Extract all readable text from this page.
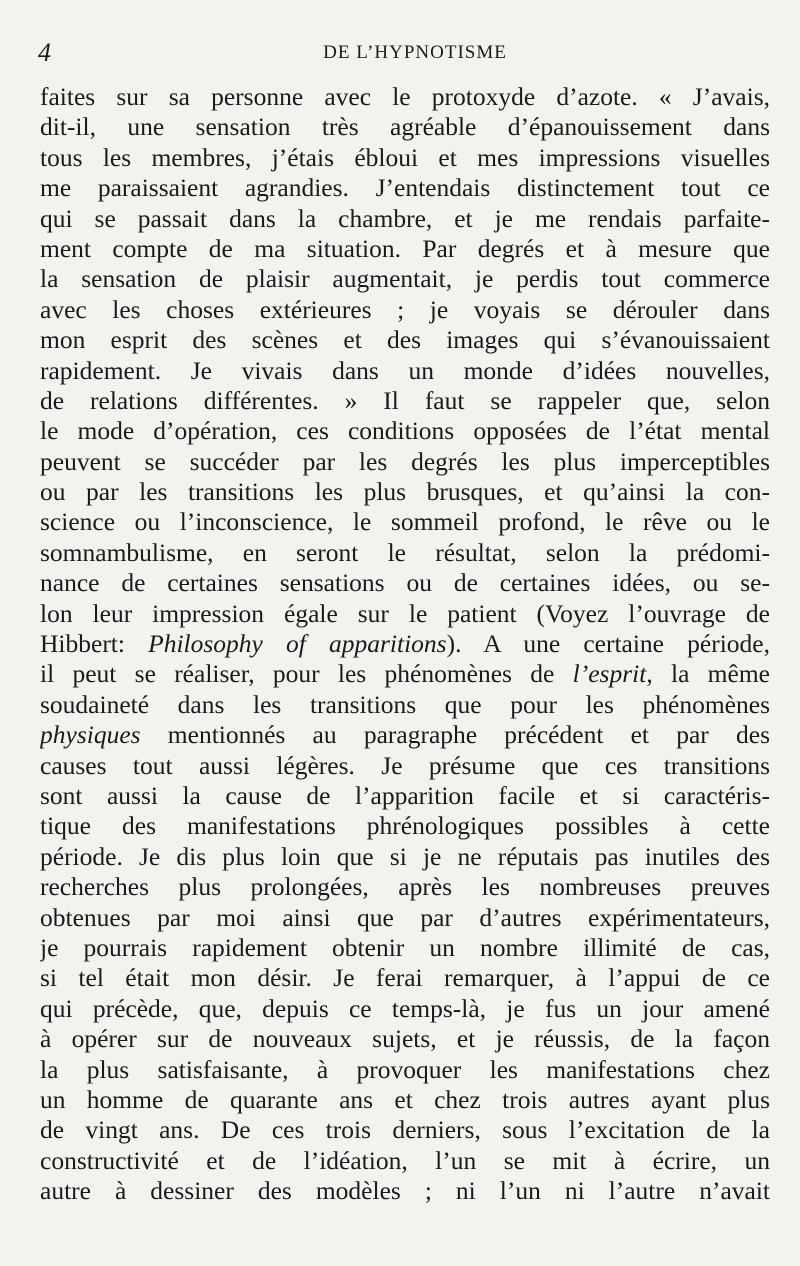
4	DE L’HYPNOTISME
faites sur sa personne avec le protoxyde d’azote. « J’avais,
dit-il, une sensation très agréable d’épanouissement dans
tous les membres, j’étais ébloui et mes impressions visuelles
me paraissaient agrandies. J’entendais distinctement tout ce
qui se passait dans la chambre, et je me rendais parfaite-
ment compte de ma situation. Par degrés et à mesure que
la sensation de plaisir augmentait, je perdis tout commerce
avec les choses extérieures ; je voyais se dérouler dans
mon esprit des scènes et des images qui s’évanouissaient
rapidement. Je vivais dans un monde d’idées nouvelles,
de relations différentes. » Il faut se rappeler que, selon
le mode d’opération, ces conditions opposées de l’état mental
peuvent se succéder par les degrés les plus imperceptibles
ou par les transitions les plus brusques, et qu’ainsi la con-
science ou l’inconscience, le sommeil profond, le rêve ou le
somnambulisme, en seront le résultat, selon la prédomi-
nance de certaines sensations ou de certaines idées, ou se-
lon leur impression égale sur le patient (Voyez l’ouvrage de
Hibbert: Philosophy of apparitions). A une certaine période,
il peut se réaliser, pour les phénomènes de l’esprit, la même
soudaineté dans les transitions que pour les phénomènes
physiques mentionnés au paragraphe précédent et par des
causes tout aussi légères. Je présume que ces transitions
sont aussi la cause de l’apparition facile et si caractéris-
tique des manifestations phrénologiques possibles à cette
période. Je dis plus loin que si je ne réputais pas inutiles des
recherches plus prolongées, après les nombreuses preuves
obtenues par moi ainsi que par d’autres expérimentateurs,
je pourrais rapidement obtenir un nombre illimité de cas,
si tel était mon désir. Je ferai remarquer, à l’appui de ce
qui précède, que, depuis ce temps-là, je fus un jour amené
à opérer sur de nouveaux sujets, et je réussis, de la façon
la plus satisfaisante, à provoquer les manifestations chez
un homme de quarante ans et chez trois autres ayant plus
de vingt ans. De ces trois derniers, sous l’excitation de la
constructivité et de l’idéation, l’un se mit à écrire, un
autre à dessiner des modèles ; ni l’un ni l’autre n’avait
